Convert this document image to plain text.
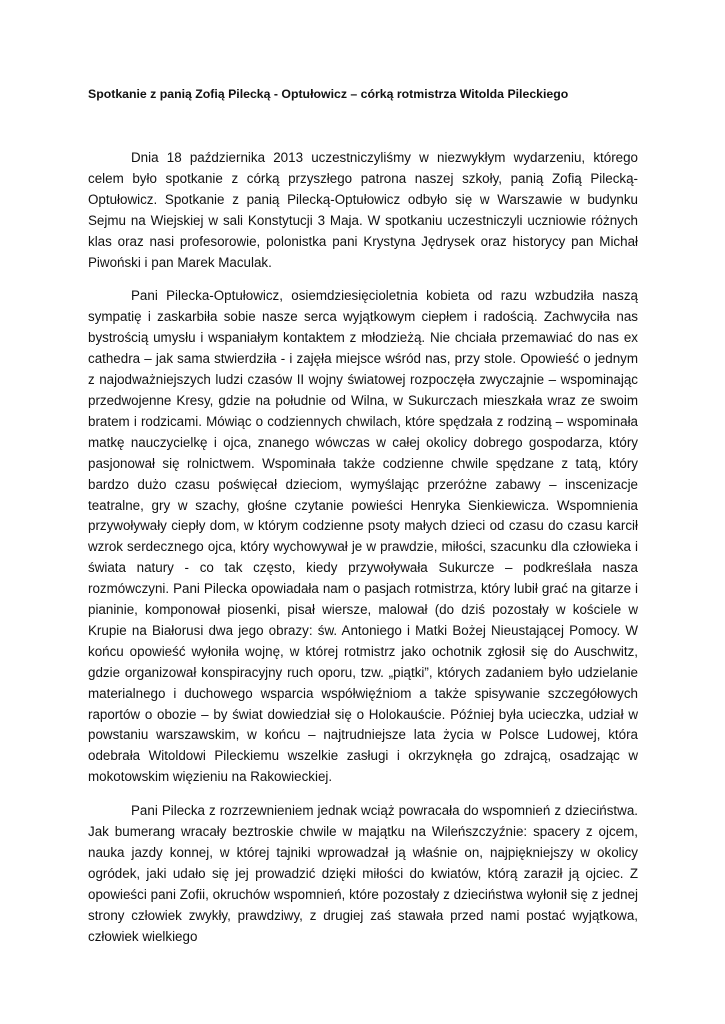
Spotkanie z panią Zofią Pilecką - Optułowicz – córką rotmistrza Witolda Pileckiego

Dnia 18 października 2013 uczestniczyliśmy w niezwykłym wydarzeniu, którego celem było spotkanie z córką przyszłego patrona naszej szkoły, panią Zofią Pilecką-Optułowicz. Spotkanie z panią Pilecką-Optułowicz odbyło się w Warszawie w budynku Sejmu na Wiejskiej w sali Konstytucji 3 Maja. W spotkaniu uczestniczyli uczniowie różnych klas oraz nasi profesorowie, polonistka pani Krystyna Jędrysek oraz historycy pan Michał Piwoński i pan Marek Maculak.

Pani Pilecka-Optułowicz, osiemdziesięcioletnia kobieta od razu wzbudziła naszą sympatię i zaskarbiła sobie nasze serca wyjątkowym ciepłem i radością. Zachwyciła nas bystrością umysłu i wspaniałym kontaktem z młodzieżą. Nie chciała przemawiać do nas ex cathedra – jak sama stwierdziła - i zajęła miejsce wśród nas, przy stole. Opowieść o jednym z najodważniejszych ludzi czasów II wojny światowej rozpoczęła zwyczajnie – wspominając przedwojenne Kresy, gdzie na południe od Wilna, w Sukurczach mieszkała wraz ze swoim bratem i rodzicami. Mówiąc o codziennych chwilach, które spędzała z rodziną – wspominała matkę nauczycielkę i ojca, znanego wówczas w całej okolicy dobrego gospodarza, który pasjonował się rolnictwem. Wspominała także codzienne chwile spędzane z tatą, który bardzo dużo czasu poświęcał dzieciom, wymyślając przeróżne zabawy – inscenizacje teatralne, gry w szachy, głośne czytanie powieści Henryka Sienkiewicza. Wspomnienia przywoływały ciepły dom, w którym codzienne psoty małych dzieci od czasu do czasu karcił wzrok serdecznego ojca, który wychowywał je w prawdzie, miłości, szacunku dla człowieka i świata natury - co tak często, kiedy przywoływała Sukurcze – podkreślała nasza rozmówczyni. Pani Pilecka opowiadała nam o pasjach rotmistrza, który lubił grać na gitarze i pianinie, komponował piosenki, pisał wiersze, malował (do dziś pozostały w kościele w Krupie na Białorusi dwa jego obrazy: św. Antoniego i Matki Bożej Nieustającej Pomocy. W końcu opowieść wyłoniła wojnę, w której rotmistrz jako ochotnik zgłosił się do Auschwitz, gdzie organizował konspiracyjny ruch oporu, tzw. „piątki”, których zadaniem było udzielanie materialnego i duchowego wsparcia współwięźniom a także spisywanie szczegółowych raportów o obozie – by świat dowiedział się o Holokauście. Później była ucieczka, udział w powstaniu warszawskim, w końcu – najtrudniejsze lata życia w Polsce Ludowej, która odebrała Witoldowi Pileckiemu wszelkie zasługi i okrzyknęła go zdrajcą, osadzając w mokotowskim więzieniu na Rakowieckiej.

Pani Pilecka z rozrzewnieniem jednak wciąż powracała do wspomnień z dzieciństwa. Jak bumerang wracały beztroskie chwile w majątku na Wileńszczyźnie: spacery z ojcem, nauka jazdy konnej, w której tajniki wprowadzał ją właśnie on, najpiękniejszy w okolicy ogródek, jaki udało się jej prowadzić dzięki miłości do kwiatów, którą zaraził ją ojciec. Z opowieści pani Zofii, okruchów wspomnień, które pozostały z dzieciństwa wyłonił się z jednej strony człowiek zwykły, prawdziwy, z drugiej zaś stawała przed nami postać wyjątkowa, człowiek wielkiego
